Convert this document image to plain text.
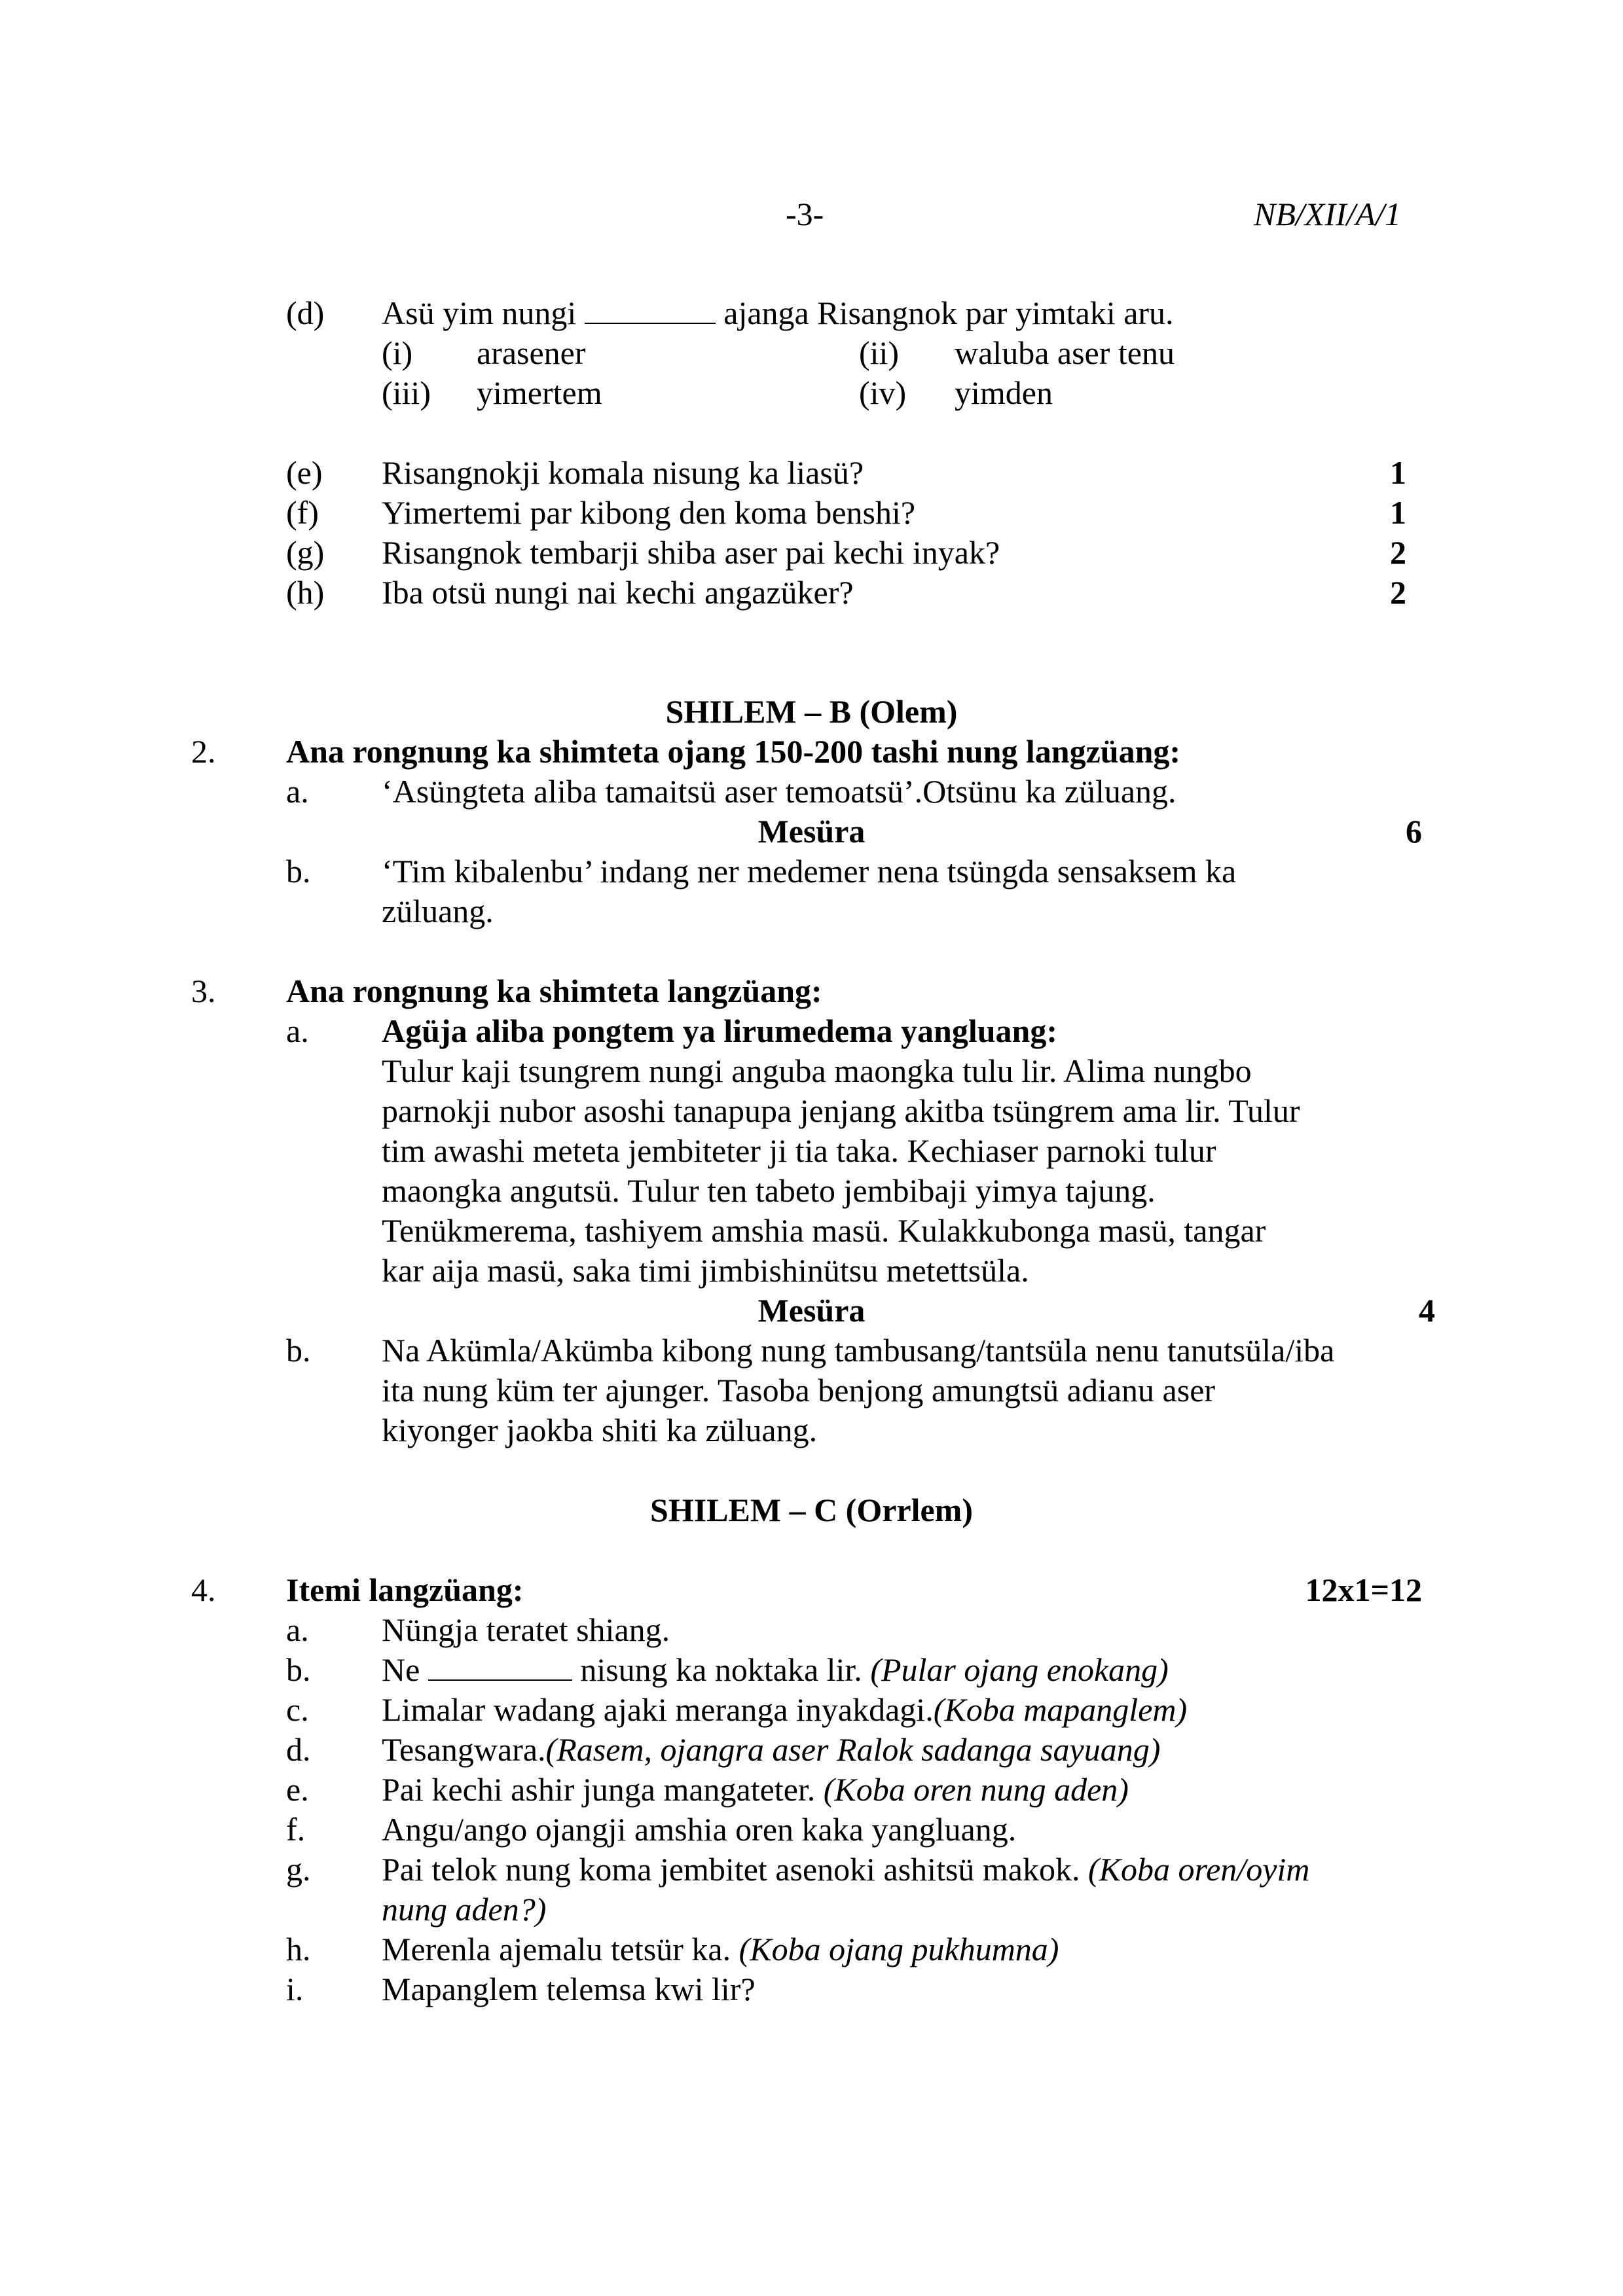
-3-	NB/XII/A/1
(d) Asü yim nungi	ajanga Risangnok par yimtaki aru.
(i) arasener	(ii) waluba aser tenu
(iii) yimertem	(iv) yimden
(e) Risangnokji komala nisung ka liasü?	1
(f) Yimertemi par kibong den koma benshi?	1
(g) Risangnok tembarji shiba aser pai kechi inyak?	2
(h) Iba otsü nungi nai kechi angazüker?	2
SHILEM – B (Olem)
2. Ana rongnung ka shimteta ojang 150-200 tashi nung langzüang:
a. ‘Asüngteta aliba tamaitsü aser temoatsü’.Otsünu ka züluang.
Mesüra	6
b. ‘Tim kibalenbu’ indang ner medemer nena tsüngda sensaksem ka
züluang.
3. Ana rongnung ka shimteta langzüang:
a. Agüja aliba pongtem ya lirumedema yangluang:
Tulur kaji tsungrem nungi anguba maongka tulu lir. Alima nungbo
parnokji nubor asoshi tanapupa jenjang akitba tsüngrem ama lir. Tulur
tim awashi meteta jembiteter ji tia taka. Kechiaser parnoki tulur
maongka angutsü. Tulur ten tabeto jembibaji yimya tajung.
Tenükmerema, tashiyem amshia masü. Kulakkubonga masü, tangar
kar aija masü, saka timi jimbishinütsu metettsüla.
Mesüra	4
b. Na Akümla/Akümba kibong nung tambusang/tantsüla nenu tanutsüla/iba
ita nung küm ter ajunger. Tasoba benjong amungtsü adianu aser
kiyonger jaokba shiti ka züluang.
SHILEM – C (Orrlem)
4. Itemi langzüang:	12x1=12
a. Nüngja teratet shiang.
b. Ne	nisung ka noktaka lir. (Pular ojang enokang)
c. Limalar wadang ajaki meranga inyakdagi.(Koba mapanglem)
d. Tesangwara.(Rasem, ojangra aser Ralok sadanga sayuang)
e. Pai kechi ashir junga mangateter. (Koba oren nung aden)
f. Angu/ango ojangji amshia oren kaka yangluang.
g. Pai telok nung koma jembitet asenoki ashitsü makok. (Koba oren/oyim
nung aden?)
h. Merenla ajemalu tetsür ka. (Koba ojang pukhumna)
i. Mapanglem telemsa kwi lir?
